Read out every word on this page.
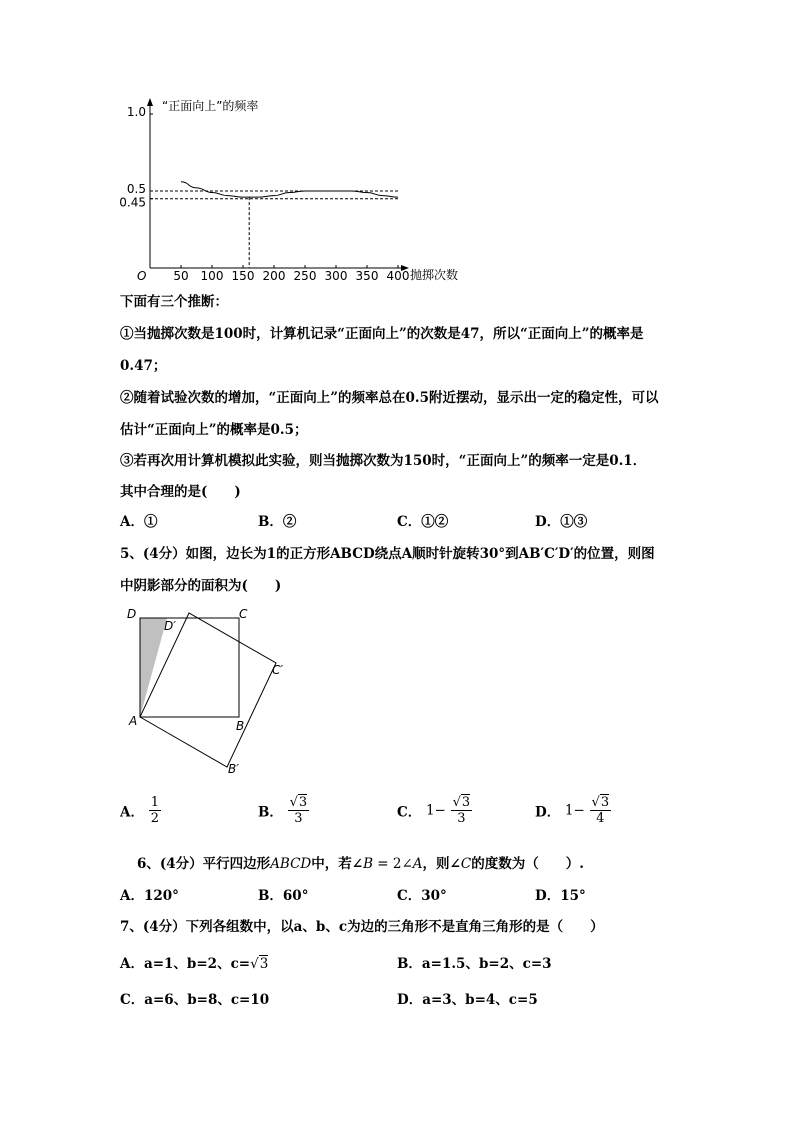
“正面向上”的频率
抛掷次数
O 50 100 150 200 250 300 350 400
1.0
0.5
0.45
下面有三个推断：
①当抛掷次数是100时，计算机记录“正面向上”的次数是47，所以“正面向上”的概率是
0.47；
②随着试验次数的增加，“正面向上”的频率总在0.5附近摆动，显示出一定的稳定性，可以
估计“正面向上”的概率是0.5；
③若再次用计算机模拟此实验，则当抛掷次数为150时，“正面向上”的频率一定是0.1．
其中合理的是(　　)
A．①	B．②	C．①②	D．①③
5、(4分）如图，边长为1的正方形ABCD绕点A顺时针旋转30°到AB′C′D′的位置，则图
中阴影部分的面积为(　　)
D	C
D′
C′
A	B
B′
A． $\frac{1}{2}$	B． $\frac{√3}{3}$	C． $1- \frac{√3}{3}$	D． $1- \frac{√3}{4}$
6、(4分）平行四边形ABCD中，若∠B = 2∠A，则∠C的度数为（　　）.
A．120°	B．60°	C．30°	D．15°
7、(4分）下列各组数中，以a、b、c为边的三角形不是直角三角形的是（　　）
A．a=1、b=2、c=√3	B．a=1.5、b=2、c=3
C．a=6、b=8、c=10	D．a=3、b=4、c=5
